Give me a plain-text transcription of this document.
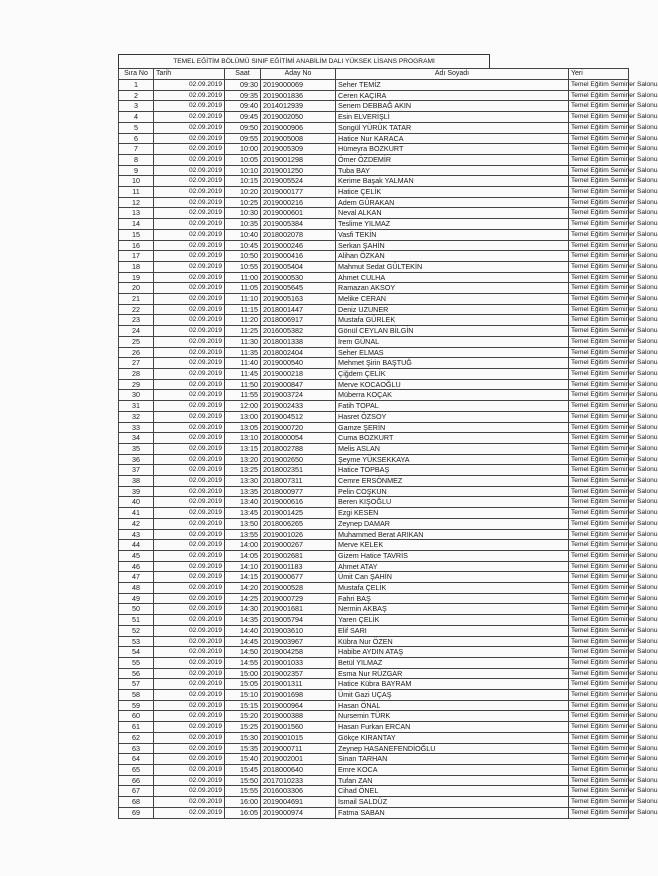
TEMEL EĞİTİM BÖLÜMÜ SINIF EĞİTİMİ ANABİLİM DALI YÜKSEK LİSANS PROGRAMI
Sıra No	Tarih	Saat	Aday No	Adı Soyadı	Yeri
1	02.09.2019	09:30	2019000069	Seher TEMİZ	Temel Eğitim Seminer Salonu
2	02.09.2019	09:35	2019001836	Ceren KAÇIRA	Temel Eğitim Seminer Salonu
3	02.09.2019	09:40	2014012939	Senem DEBBAĞ AKIN	Temel Eğitim Seminer Salonu
4	02.09.2019	09:45	2019002050	Esin ELVERİŞLİ	Temel Eğitim Seminer Salonu
5	02.09.2019	09:50	2019000906	Songül YÜRÜK TATAR	Temel Eğitim Seminer Salonu
6	02.09.2019	09:55	2019005008	Hatice Nur KARACA	Temel Eğitim Seminer Salonu
7	02.09.2019	10:00	2019005309	Hümeyra BOZKURT	Temel Eğitim Seminer Salonu
8	02.09.2019	10:05	2019001298	Ömer ÖZDEMİR	Temel Eğitim Seminer Salonu
9	02.09.2019	10:10	2019001250	Tuba BAY	Temel Eğitim Seminer Salonu
10	02.09.2019	10:15	2019005524	Kerime Başak YALMAN	Temel Eğitim Seminer Salonu
11	02.09.2019	10:20	2019000177	Hatice ÇELİK	Temel Eğitim Seminer Salonu
12	02.09.2019	10:25	2019000216	Adem GÜRAKAN	Temel Eğitim Seminer Salonu
13	02.09.2019	10:30	2019000601	Neval ALKAN	Temel Eğitim Seminer Salonu
14	02.09.2019	10:35	2019005384	Teslime YILMAZ	Temel Eğitim Seminer Salonu
15	02.09.2019	10:40	2018002078	Vasfi TEKİN	Temel Eğitim Seminer Salonu
16	02.09.2019	10:45	2019000246	Serkan ŞAHİN	Temel Eğitim Seminer Salonu
17	02.09.2019	10:50	2019000416	Alihan ÖZKAN	Temel Eğitim Seminer Salonu
18	02.09.2019	10:55	2019005404	Mahmut Sedat GÜLTEKİN	Temel Eğitim Seminer Salonu
19	02.09.2019	11:00	2019000530	Ahmet CULHA	Temel Eğitim Seminer Salonu
20	02.09.2019	11:05	2019005645	Ramazan AKSOY	Temel Eğitim Seminer Salonu
21	02.09.2019	11:10	2019005163	Melike CERAN	Temel Eğitim Seminer Salonu
22	02.09.2019	11:15	2018001447	Deniz UZUNER	Temel Eğitim Seminer Salonu
23	02.09.2019	11:20	2018006917	Mustafa GÜRLEK	Temel Eğitim Seminer Salonu
24	02.09.2019	11:25	2016005382	Gönül CEYLAN BİLGİN	Temel Eğitim Seminer Salonu
25	02.09.2019	11:30	2018001338	İrem GÜNAL	Temel Eğitim Seminer Salonu
26	02.09.2019	11:35	2018002404	Seher ELMAS	Temel Eğitim Seminer Salonu
27	02.09.2019	11:40	2019000540	Mehmet Şirin BAŞTUĞ	Temel Eğitim Seminer Salonu
28	02.09.2019	11:45	2019000218	Çiğdem ÇELİK	Temel Eğitim Seminer Salonu
29	02.09.2019	11:50	2019000847	Merve KOCAOĞLU	Temel Eğitim Seminer Salonu
30	02.09.2019	11:55	2019003724	Müberra KOÇAK	Temel Eğitim Seminer Salonu
31	02.09.2019	12:00	2019002433	Fatih TOPAL	Temel Eğitim Seminer Salonu
32	02.09.2019	13:00	2019004512	Hasret ÖZSOY	Temel Eğitim Seminer Salonu
33	02.09.2019	13:05	2019000720	Gamze ŞERİN	Temel Eğitim Seminer Salonu
34	02.09.2019	13:10	2018000054	Cuma BOZKURT	Temel Eğitim Seminer Salonu
35	02.09.2019	13:15	2018002788	Melis ASLAN	Temel Eğitim Seminer Salonu
36	02.09.2019	13:20	2019002650	Şeyme YÜKSEKKAYA	Temel Eğitim Seminer Salonu
37	02.09.2019	13:25	2018002351	Hatice TOPBAŞ	Temel Eğitim Seminer Salonu
38	02.09.2019	13:30	2018007311	Cemre ERSÖNMEZ	Temel Eğitim Seminer Salonu
39	02.09.2019	13:35	2018000977	Pelin COŞKUN	Temel Eğitim Seminer Salonu
40	02.09.2019	13:40	2019000616	Beren KIŞOĞLU	Temel Eğitim Seminer Salonu
41	02.09.2019	13:45	2019001425	Ezgi KESEN	Temel Eğitim Seminer Salonu
42	02.09.2019	13:50	2018006265	Zeynep DAMAR	Temel Eğitim Seminer Salonu
43	02.09.2019	13:55	2019001026	Muhammed Berat ARIKAN	Temel Eğitim Seminer Salonu
44	02.09.2019	14:00	2019000267	Merve KELEK	Temel Eğitim Seminer Salonu
45	02.09.2019	14:05	2019002681	Gizem Hatice TAVRİS	Temel Eğitim Seminer Salonu
46	02.09.2019	14:10	2019001183	Ahmet ATAY	Temel Eğitim Seminer Salonu
47	02.09.2019	14:15	2019000677	Ümit Can ŞAHİN	Temel Eğitim Seminer Salonu
48	02.09.2019	14:20	2019000528	Mustafa ÇELİK	Temel Eğitim Seminer Salonu
49	02.09.2019	14:25	2019000729	Fahri BAŞ	Temel Eğitim Seminer Salonu
50	02.09.2019	14:30	2019001681	Nermin AKBAŞ	Temel Eğitim Seminer Salonu
51	02.09.2019	14:35	2019005794	Yaren ÇELİK	Temel Eğitim Seminer Salonu
52	02.09.2019	14:40	2019003610	Elif SARI	Temel Eğitim Seminer Salonu
53	02.09.2019	14:45	2019003967	Kübra Nur ÖZEN	Temel Eğitim Seminer Salonu
54	02.09.2019	14:50	2019004258	Habibe AYDIN ATAŞ	Temel Eğitim Seminer Salonu
55	02.09.2019	14:55	2019001033	Betül YILMAZ	Temel Eğitim Seminer Salonu
56	02.09.2019	15:00	2019002357	Esma Nur RÜZGAR	Temel Eğitim Seminer Salonu
57	02.09.2019	15:05	2019001311	Hatice Kübra BAYRAM	Temel Eğitim Seminer Salonu
58	02.09.2019	15:10	2019001698	Ümit Gazi UÇAŞ	Temel Eğitim Seminer Salonu
59	02.09.2019	15:15	2019000964	Hasan ÖNAL	Temel Eğitim Seminer Salonu
60	02.09.2019	15:20	2019000388	Nursemin TÜRK	Temel Eğitim Seminer Salonu
61	02.09.2019	15:25	2019001560	Hasan Furkan ERCAN	Temel Eğitim Seminer Salonu
62	02.09.2019	15:30	2019001015	Gökçe KIRANTAY	Temel Eğitim Seminer Salonu
63	02.09.2019	15:35	2019000711	Zeynep HASANEFENDİOĞLU	Temel Eğitim Seminer Salonu
64	02.09.2019	15:40	2019002001	Sinan TARHAN	Temel Eğitim Seminer Salonu
65	02.09.2019	15:45	2018000640	Emre KOCA	Temel Eğitim Seminer Salonu
66	02.09.2019	15:50	2017010233	Tufan ZAN	Temel Eğitim Seminer Salonu
67	02.09.2019	15:55	2016003306	Cihad ÖNEL	Temel Eğitim Seminer Salonu
68	02.09.2019	16:00	2019004691	İsmail SALDÜZ	Temel Eğitim Seminer Salonu
69	02.09.2019	16:05	2019000974	Fatma SABAN	Temel Eğitim Seminer Salonu
